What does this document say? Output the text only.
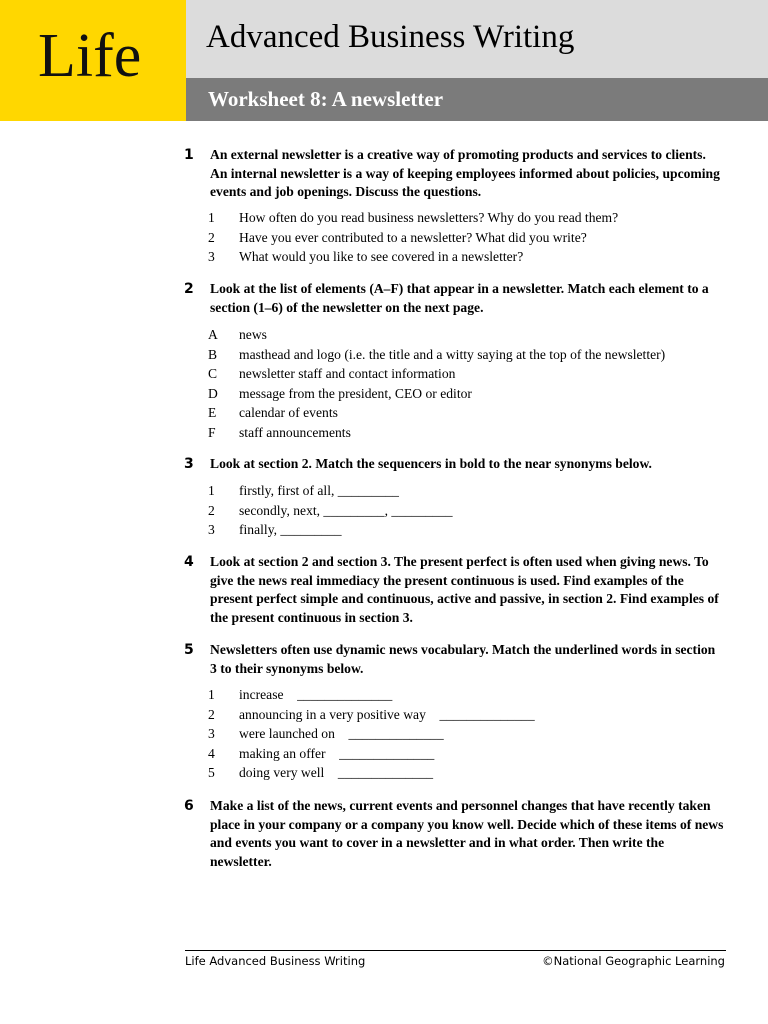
Life Advanced Business Writing
Worksheet 8: A newsletter
1	An external newsletter is a creative way of promoting products and services to clients. An internal newsletter is a way of keeping employees informed about policies, upcoming events and job openings. Discuss the questions.
1 How often do you read business newsletters? Why do you read them?
2 Have you ever contributed to a newsletter? What did you write?
3 What would you like to see covered in a newsletter?
2	Look at the list of elements (A–F) that appear in a newsletter. Match each element to a section (1–6) of the newsletter on the next page.
A news
B masthead and logo (i.e. the title and a witty saying at the top of the newsletter)
C newsletter staff and contact information
D message from the president, CEO or editor
E calendar of events
F staff announcements
3	Look at section 2. Match the sequencers in bold to the near synonyms below.
1 firstly, first of all, _________
2 secondly, next, _________, _________
3 finally, _________
4	Look at section 2 and section 3. The present perfect is often used when giving news. To give the news real immediacy the present continuous is used. Find examples of the present perfect simple and continuous, active and passive, in section 2. Find examples of the present continuous in section 3.
5	Newsletters often use dynamic news vocabulary. Match the underlined words in section 3 to their synonyms below.
1 increase    ______________
2 announcing in a very positive way    ______________
3 were launched on    ______________
4 making an offer    ______________
5 doing very well    ______________
6	Make a list of the news, current events and personnel changes that have recently taken place in your company or a company you know well. Decide which of these items of news and events you want to cover in a newsletter and in what order. Then write the newsletter.
Life Advanced Business Writing	©National Geographic Learning
